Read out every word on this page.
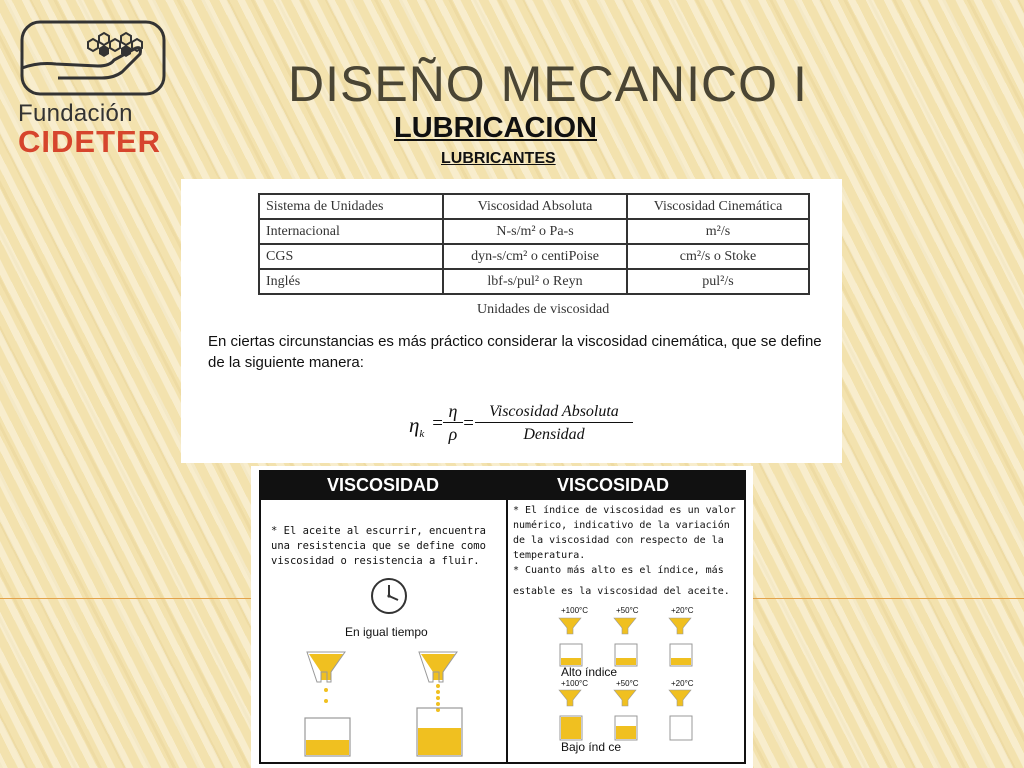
Fundación
CIDETER
DISEÑO MECANICO I
LUBRICACION
LUBRICANTES
Sistema de Unidades	Viscosidad Absoluta	Viscosidad Cinemática
Internacional	N-s/m² o Pa-s	m²/s
CGS	dyn-s/cm² o centiPoise	cm²/s o Stoke
Inglés	lbf-s/pul² o Reyn	pul²/s
Unidades de viscosidad
En ciertas circunstancias es más práctico considerar la viscosidad cinemática, que se define de la siguiente manera:
$\eta_k$
= $\frac{\eta}{\rho}$ =
Viscosidad Absoluta
Densidad
VISCOSIDAD	VISCOSIDAD
* El aceite al escurrir, encuentra una resistencia que se define como viscosidad o resistencia a fluir.
En igual tiempo
* El índice de viscosidad es un valor numérico, indicativo de la variación de la viscosidad con respecto de la temperatura.
* Cuanto más alto es el índice, más
estable es la viscosidad del aceite.
+100°C	+50°C	+20°C
+100°C	+50°C	+20°C
Alto índice
Bajo índ ce
